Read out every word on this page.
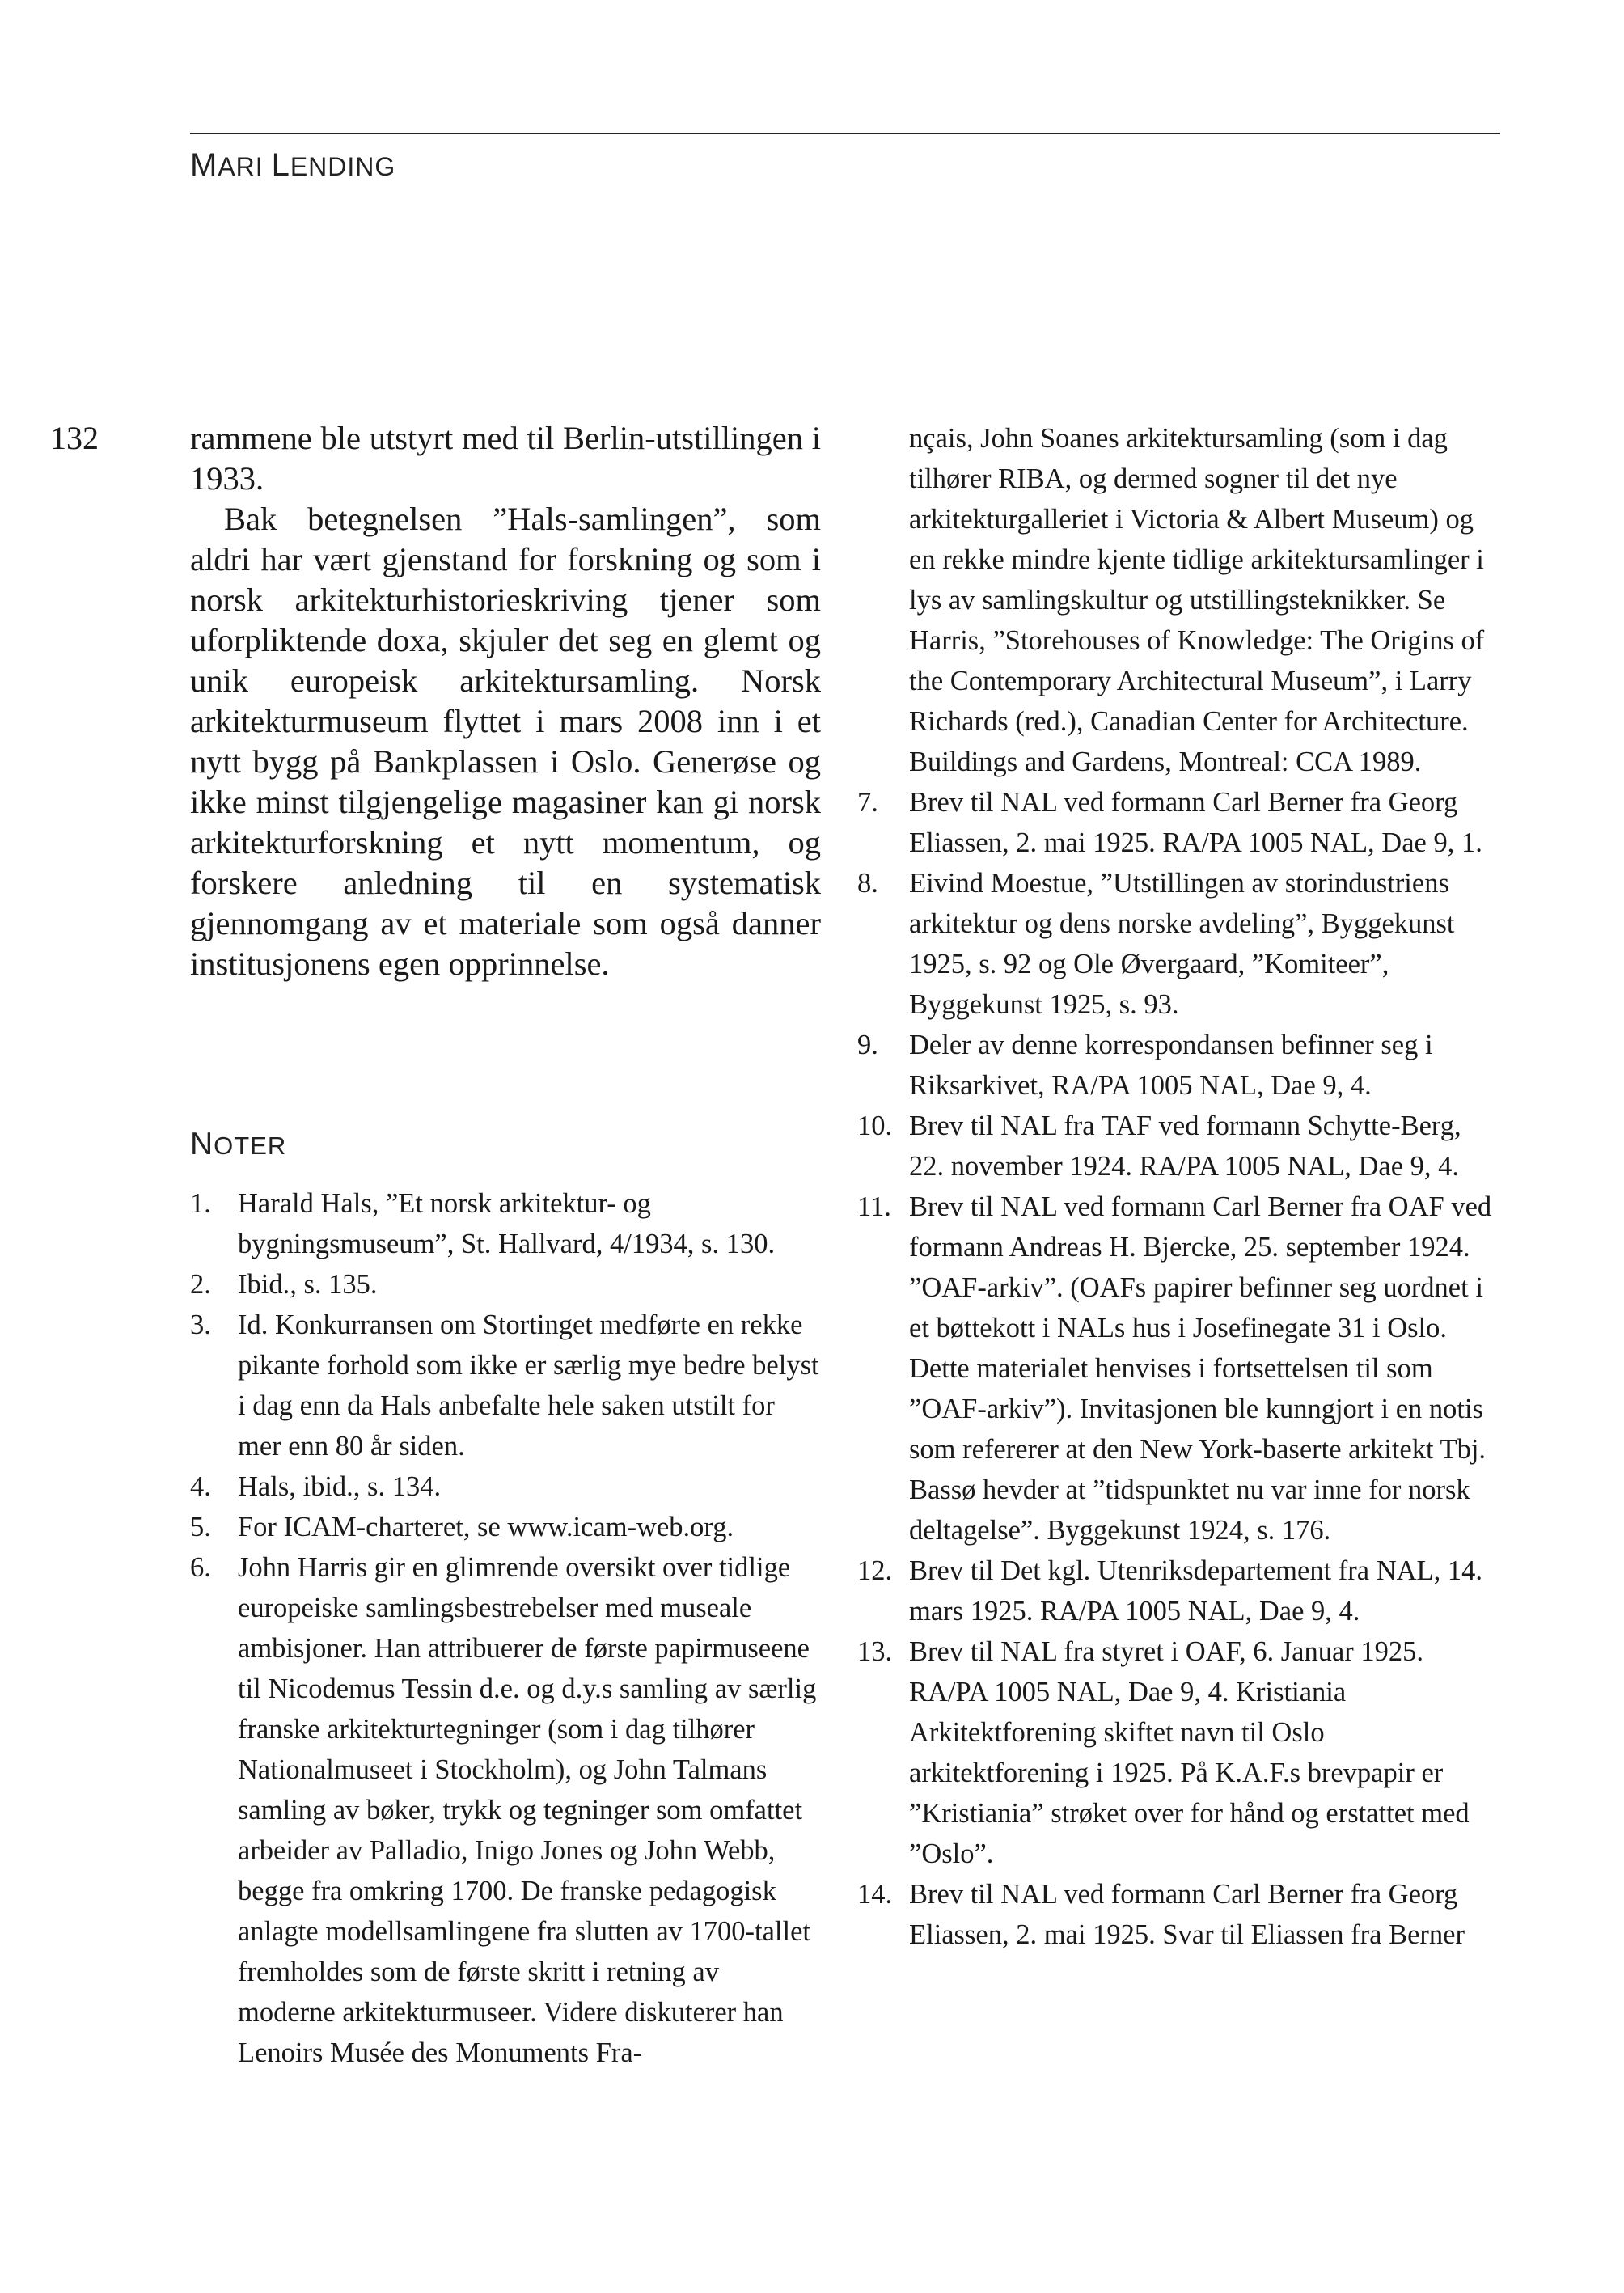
MARI LENDING
132	rammene ble utstyrt med til Berlin-utstillingen i 1933.

Bak betegnelsen ”Hals-samlingen”, som aldri har vært gjenstand for forskning og som i norsk arkitekturhistorieskriving tjener som uforpliktende doxa, skjuler det seg en glemt og unik europeisk arkitektursamling. Norsk arkitekturmuseum flyttet i mars 2008 inn i et nytt bygg på Bankplassen i Oslo. Generøse og ikke minst tilgjengelige magasiner kan gi norsk arkitekturforskning et nytt momentum, og forskere anledning til en systematisk gjennomgang av et materiale som også danner institusjonens egen opprinnelse.

NOTER
1. Harald Hals, ”Et norsk arkitektur- og bygningsmuseum”, St. Hallvard, 4/1934, s. 130.
2. Ibid., s. 135.
3. Id. Konkurransen om Stortinget medførte en rekke pikante forhold som ikke er særlig mye bedre belyst i dag enn da Hals anbefalte hele saken utstilt for mer enn 80 år siden.
4. Hals, ibid., s. 134.
5. For ICAM-charteret, se www.icam-web.org.
6. John Harris gir en glimrende oversikt over tidlige europeiske samlingsbestrebelser med museale ambisjoner. Han attribuerer de første papirmuseene til Nicodemus Tessin d.e. og d.y.s samling av særlig franske arkitekturtegninger (som i dag tilhører Nationalmuseet i Stockholm), og John Talmans samling av bøker, trykk og tegninger som omfattet arbeider av Palladio, Inigo Jones og John Webb, begge fra omkring 1700. De franske pedagogisk anlagte modellsamlingene fra slutten av 1700-tallet fremholdes som de første skritt i retning av moderne arkitekturmuseer. Videre diskuterer han Lenoirs Musée des Monuments Fra-

nçais, John Soanes arkitektursamling (som i dag tilhører RIBA, og dermed sogner til det nye arkitekturgalleriet i Victoria & Albert Museum) og en rekke mindre kjente tidlige arkitektursamlinger i lys av samlingskultur og utstillingsteknikker. Se Harris, ”Storehouses of Knowledge: The Origins of the Contemporary Architectural Museum”, i Larry Richards (red.), Canadian Center for Architecture. Buildings and Gardens, Montreal: CCA 1989.

7.	Brev til NAL ved formann Carl Berner fra Georg Eliassen, 2. mai 1925. RA/PA 1005 NAL, Dae 9, 1.
8.	Eivind Moestue, ”Utstillingen av storindustriens arkitektur og dens norske avdeling”, Byggekunst 1925, s. 92 og Ole Øvergaard, ”Komiteer”, Byggekunst 1925, s. 93.
9.	Deler av denne korrespondansen befinner seg i Riksarkivet, RA/PA 1005 NAL, Dae 9, 4.
10. Brev til NAL fra TAF ved formann Schytte-Berg, 22. november 1924. RA/PA 1005 NAL, Dae 9, 4.
11. Brev til NAL ved formann Carl Berner fra OAF ved formann Andreas H. Bjercke, 25. september 1924. ”OAF-arkiv”. (OAFs papirer befinner seg uordnet i et bøttekott i NALs hus i Josefinegate 31 i Oslo. Dette materialet henvises i fortsettelsen til som ”OAF-arkiv”). Invitasjonen ble kunngjort i en notis som refererer at den New York-baserte arkitekt Tbj. Bassø hevder at ”tidspunktet nu var inne for norsk deltagelse”. Byggekunst 1924, s. 176.
12. Brev til Det kgl. Utenriksdepartement fra NAL, 14. mars 1925. RA/PA 1005 NAL, Dae 9, 4.
13. Brev til NAL fra styret i OAF, 6. Januar 1925. RA/PA 1005 NAL, Dae 9, 4. Kristiania Arkitektforening skiftet navn til Oslo arkitektforening i 1925. På K.A.F.s brevpapir er ”Kristiania” strøket over for hånd og erstattet med ”Oslo”.
14. Brev til NAL ved formann Carl Berner fra Georg Eliassen, 2. mai 1925. Svar til Eliassen fra Berner
